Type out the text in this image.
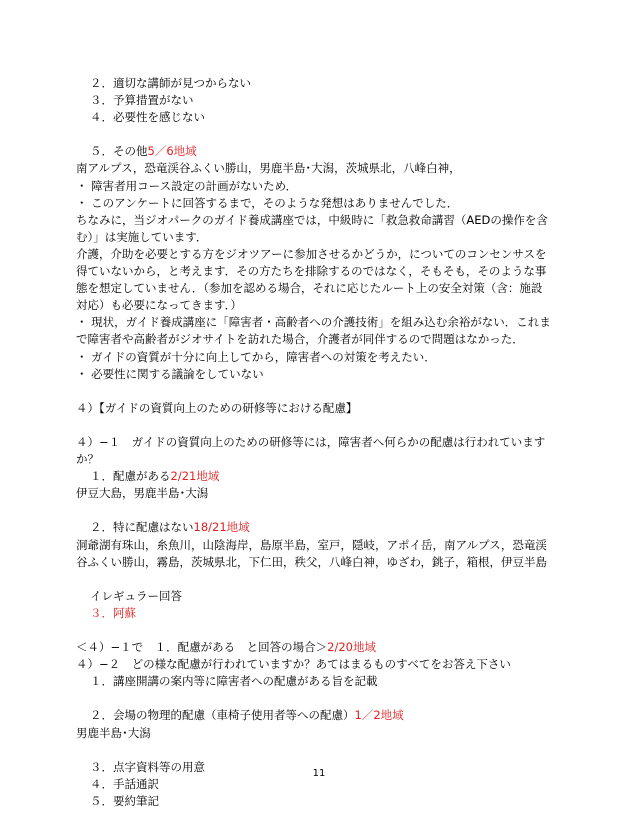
２．適切な講師が見つからない
３．予算措置がない
４．必要性を感じない
５．その他5／6地域
南アルプス，恐竜渓谷ふくい勝山，男鹿半島･大潟，茨城県北，八峰白神，
・ 障害者用コース設定の計画がないため．
・ このアンケートに回答するまで，そのような発想はありませんでした．
ちなみに，当ジオパークのガイド養成講座では，中級時に「救急救命講習（AEDの操作を含
む）」は実施しています．
介護，介助を必要とする方をジオツアーに参加させるかどうか，についてのコンセンサスを
得ていないから，と考えます．その方たちを排除するのではなく，そもそも，そのような事
態を想定していません．（参加を認める場合，それに応じたルート上の安全対策（含：施設
対応）も必要になってきます．）
・ 現状，ガイド養成講座に「障害者・高齢者への介護技術」を組み込む余裕がない．これま
で障害者や高齢者がジオサイトを訪れた場合，介護者が同伴するので問題はなかった．
・ ガイドの資質が十分に向上してから，障害者への対策を考えたい．
・ 必要性に関する議論をしていない
４）【ガイドの資質向上のための研修等における配慮】
４）−１　ガイドの資質向上のための研修等には，障害者へ何らかの配慮は行われています
か？
１．配慮がある2/21地域
伊豆大島，男鹿半島･大潟
２．特に配慮はない18/21地域
洞爺湖有珠山，糸魚川，山陰海岸，島原半島，室戸，隠岐，アポイ岳，南アルプス，恐竜渓
谷ふくい勝山，霧島，茨城県北，下仁田，秩父，八峰白神，ゆざわ，銚子，箱根，伊豆半島
イレギュラー回答
３．阿蘇
＜４）−１で　１．配慮がある　と回答の場合＞2/20地域
４）−２　どの様な配慮が行われていますか？あてはまるものすべてをお答え下さい
１．講座開講の案内等に障害者への配慮がある旨を記載
２．会場の物理的配慮（車椅子使用者等への配慮）1／2地域
男鹿半島･大潟
３．点字資料等の用意
４．手話通訳
５．要約筆記
11
